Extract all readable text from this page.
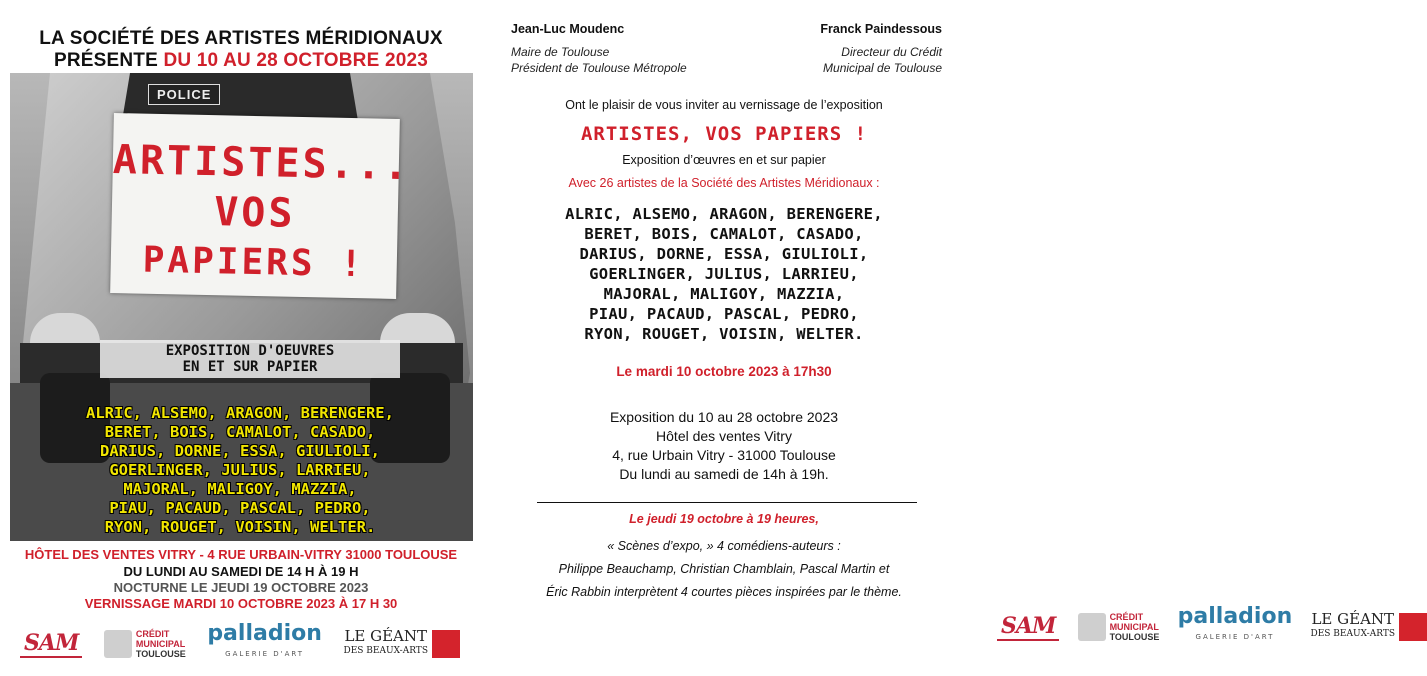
LA SOCIÉTÉ DES ARTISTES MÉRIDIONAUX
PRÉSENTE DU 10 AU 28 OCTOBRE 2023
POLICE
ARTISTES...
VOS
PAPIERS !
EXPOSITION D'OEUVRES
EN ET SUR PAPIER
ALRIC, ALSEMO, ARAGON, BERENGERE,
BERET, BOIS, CAMALOT, CASADO,
DARIUS, DORNE, ESSA, GIULIOLI,
GOERLINGER, JULIUS, LARRIEU,
MAJORAL, MALIGOY, MAZZIA,
PIAU, PACAUD, PASCAL, PEDRO,
RYON, ROUGET, VOISIN, WELTER.
HÔTEL DES VENTES VITRY - 4 RUE URBAIN-VITRY 31000 TOULOUSE
DU LUNDI AU SAMEDI DE 14 H À 19 H
NOCTURNE LE JEUDI 19 OCTOBRE 2023
VERNISSAGE MARDI 10 OCTOBRE 2023 À 17 H 30
SAM	CRÉDIT
MUNICIPAL
TOULOUSE
palladion
GALERIE D'ART
LE GÉANT
DES BEAUX-ARTS
Jean-Luc Moudenc
Maire de Toulouse
Président de Toulouse Métropole
Franck Paindessous
Directeur du Crédit
Municipal de Toulouse
Ont le plaisir de vous inviter au vernissage de l’exposition
ARTISTES, VOS PAPIERS !
Exposition d’œuvres en et sur papier
Avec 26 artistes de la Société des Artistes Méridionaux :
ALRIC, ALSEMO, ARAGON, BERENGERE,
BERET, BOIS, CAMALOT, CASADO,
DARIUS, DORNE, ESSA, GIULIOLI,
GOERLINGER, JULIUS, LARRIEU,
MAJORAL, MALIGOY, MAZZIA,
PIAU, PACAUD, PASCAL, PEDRO,
RYON, ROUGET, VOISIN, WELTER.
Le mardi 10 octobre 2023 à 17h30
Exposition du 10 au 28 octobre 2023
Hôtel des ventes Vitry
4, rue Urbain Vitry - 31000 Toulouse
Du lundi au samedi de 14h à 19h.
Le jeudi 19 octobre à 19 heures,
« Scènes d’expo, » 4 comédiens-auteurs :
Philippe Beauchamp, Christian Chamblain, Pascal Martin et
Éric Rabbin interprètent 4 courtes pièces inspirées par le thème.
SAM	CRÉDIT
MUNICIPAL
TOULOUSE
palladion
GALERIE D'ART
LE GÉANT
DES BEAUX-ARTS
